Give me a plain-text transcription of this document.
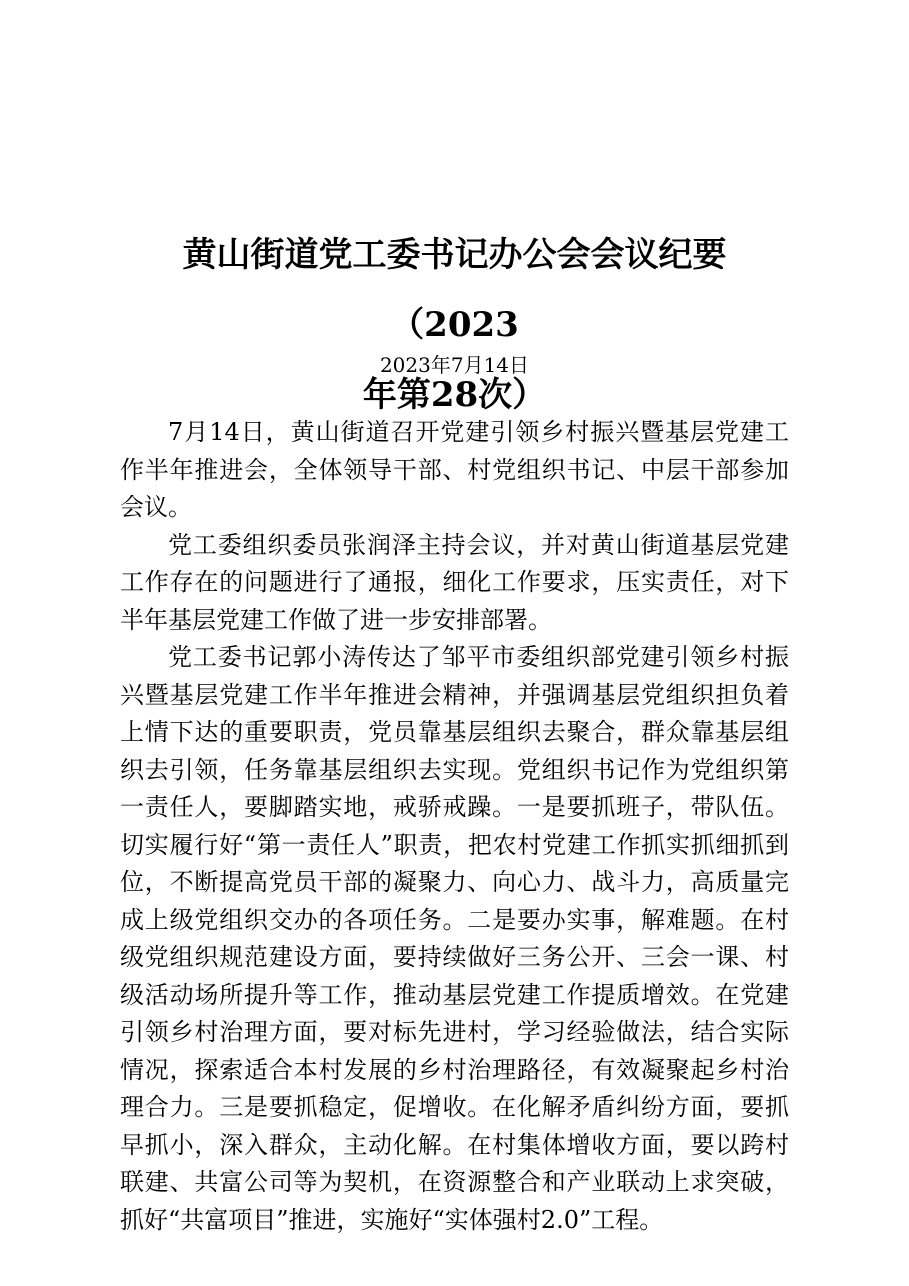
黄山街道党工委书记办公会会议纪要（2023
年第28次）
2023年7月14日

7月14日，黄山街道召开党建引领乡村振兴暨基层党建工作半年推进会，全体领导干部、村党组织书记、中层干部参加会议。

党工委组织委员张润泽主持会议，并对黄山街道基层党建工作存在的问题进行了通报，细化工作要求，压实责任，对下半年基层党建工作做了进一步安排部署。

党工委书记郭小涛传达了邹平市委组织部党建引领乡村振兴暨基层党建工作半年推进会精神，并强调基层党组织担负着上情下达的重要职责，党员靠基层组织去聚合，群众靠基层组织去引领，任务靠基层组织去实现。党组织书记作为党组织第一责任人，要脚踏实地，戒骄戒躁。一是要抓班子，带队伍。切实履行好“第一责任人”职责，把农村党建工作抓实抓细抓到位，不断提高党员干部的凝聚力、向心力、战斗力，高质量完成上级党组织交办的各项任务。二是要办实事，解难题。在村级党组织规范建设方面，要持续做好三务公开、三会一课、村级活动场所提升等工作，推动基层党建工作提质增效。在党建引领乡村治理方面，要对标先进村，学习经验做法，结合实际情况，探索适合本村发展的乡村治理路径，有效凝聚起乡村治理合力。三是要抓稳定，促增收。在化解矛盾纠纷方面，要抓早抓小，深入群众，主动化解。在村集体增收方面，要以跨村联建、共富公司等为契机，在资源整合和产业联动上求突破，抓好“共富项目”推进，实施好“实体强村2.0”工程。
